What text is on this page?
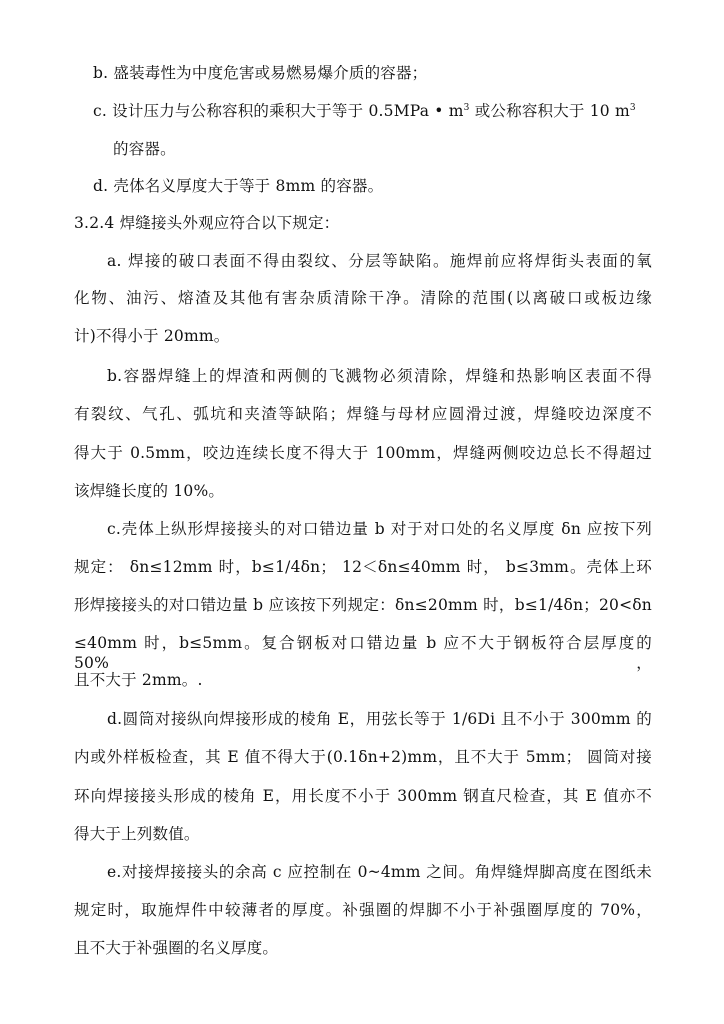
b. 盛装毒性为中度危害或易燃易爆介质的容器；
c. 设计压力与公称容积的乘积大于等于 0.5MPa • $m^3$ 或公称容积大于 10 $m^3$
的容器。
d. 壳体名义厚度大于等于 8mm 的容器。
3.2.4 焊缝接头外观应符合以下规定：
a. 焊接的破口表面不得由裂纹、分层等缺陷。施焊前应将焊街头表面的氧
化物、油污、熔渣及其他有害杂质清除干净。清除的范围(以离破口或板边缘
计)不得小于 20mm。
b.容器焊缝上的焊渣和两侧的飞溅物必须清除，焊缝和热影响区表面不得
有裂纹、气孔、弧坑和夹渣等缺陷；焊缝与母材应圆滑过渡，焊缝咬边深度不
得大于 0.5mm，咬边连续长度不得大于 100mm，焊缝两侧咬边总长不得超过
该焊缝长度的 10%。
c.壳体上纵形焊接接头的对口错边量 b 对于对口处的名义厚度 δn 应按下列
规定： δn≤12mm 时，b≤1/4δn； 12＜δn≤40mm 时， b≤3mm。壳体上环
形焊接接头的对口错边量 b 应该按下列规定：δn≤20mm 时，b≤1/4δn；20<δn
≤40mm 时，b≤5mm。复合钢板对口错边量 b 应不大于钢板符合层厚度的 50%，
且不大于 2mm。.
d.圆筒对接纵向焊接形成的棱角 E，用弦长等于 1/6Di 且不小于 300mm 的
内或外样板检查，其 E 值不得大于(0.1δn+2)mm，且不大于 5mm； 圆筒对接
环向焊接接头形成的棱角 E，用长度不小于 300mm 钢直尺检查，其 E 值亦不
得大于上列数值。
e.对接焊接接头的余高 c 应控制在 0~4mm 之间。角焊缝焊脚高度在图纸未
规定时，取施焊件中较薄者的厚度。补强圈的焊脚不小于补强圈厚度的 70%，
且不大于补强圈的名义厚度。
